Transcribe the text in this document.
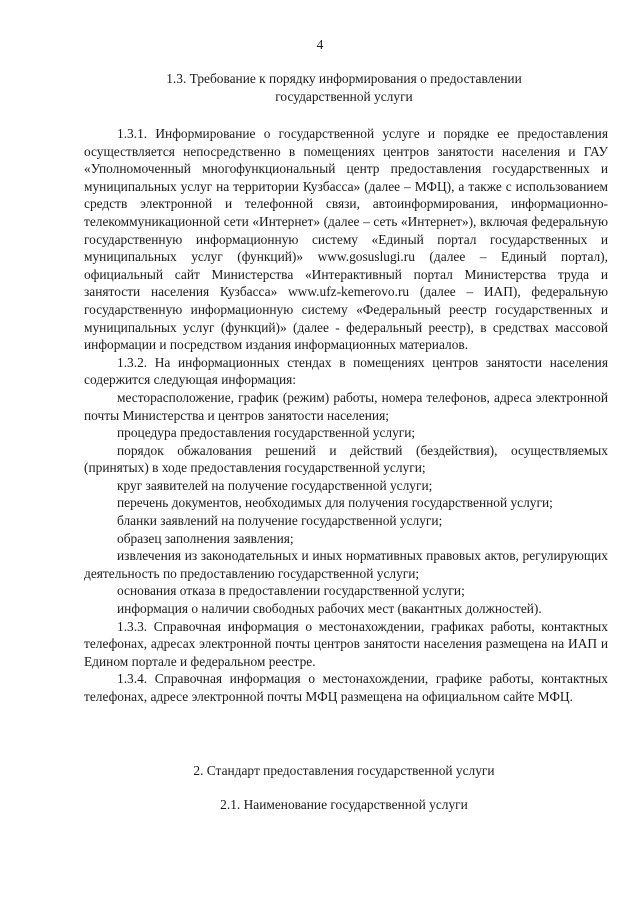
4
1.3. Требование к порядку информирования о предоставлении
государственной услуги

1.3.1. Информирование о государственной услуге и порядке ее предоставления осуществляется непосредственно в помещениях центров занятости населения и ГАУ «Уполномоченный многофункциональный центр предоставления государственных и муниципальных услуг на территории Кузбасса» (далее – МФЦ), а также с использованием средств электронной и телефонной связи, автоинформирования, информационно-телекоммуникационной сети «Интернет» (далее – сеть «Интернет»), включая федеральную государственную информационную систему «Единый портал государственных и муниципальных услуг (функций)» www.gosuslugi.ru (далее – Единый портал), официальный сайт Министерства «Интерактивный портал Министерства труда и занятости населения Кузбасса» www.ufz-kemerovo.ru (далее – ИАП), федеральную государственную информационную систему «Федеральный реестр государственных и муниципальных услуг (функций)» (далее - федеральный реестр), в средствах массовой информации и посредством издания информационных материалов.

1.3.2. На информационных стендах в помещениях центров занятости населения содержится следующая информация:

месторасположение, график (режим) работы, номера телефонов, адреса электронной почты Министерства и центров занятости населения;

процедура предоставления государственной услуги;

порядок обжалования решений и действий (бездействия), осуществляемых (принятых) в ходе предоставления государственной услуги;

круг заявителей на получение государственной услуги;

перечень документов, необходимых для получения государственной услуги;

бланки заявлений на получение государственной услуги;

образец заполнения заявления;

извлечения из законодательных и иных нормативных правовых актов, регулирующих деятельность по предоставлению государственной услуги;

основания отказа в предоставлении государственной услуги;

информация о наличии свободных рабочих мест (вакантных должностей).

1.3.3. Справочная информация о местонахождении, графиках работы, контактных телефонах, адресах электронной почты центров занятости населения размещена на ИАП и Едином портале и федеральном реестре.

1.3.4. Справочная информация о местонахождении, графике работы, контактных телефонах, адресе электронной почты МФЦ размещена на официальном сайте МФЦ.

2. Стандарт предоставления государственной услуги
2.1. Наименование государственной услуги
